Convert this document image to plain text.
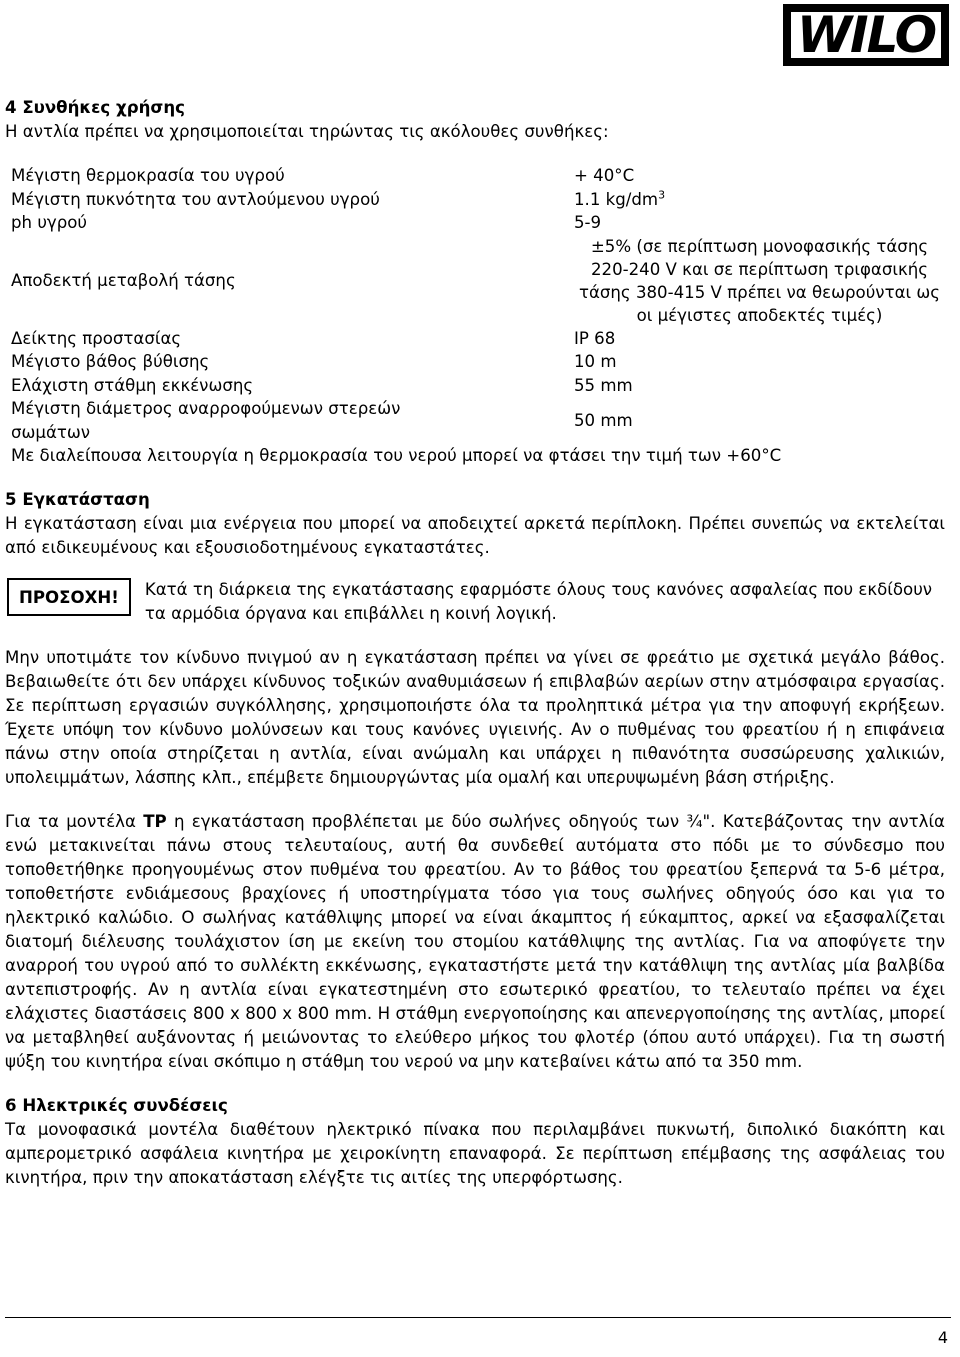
WILO
4 Συνθήκες χρήσης

Η αντλία πρέπει να χρησιμοποιείται τηρώντας τις ακόλουθες συνθήκες:

Μέγιστη θερμοκρασία του υγρού	+ 40°C
Μέγιστη πυκνότητα του αντλούμενου υγρού	1.1 $kg/dm^3$
ph υγρού	5-9
Αποδεκτή μεταβολή τάσης	±5% (σε περίπτωση μονοφασικής τάσης 220-240 V και σε περίπτωση τριφασικής τάσης 380-415 V πρέπει να θεωρούνται ως οι μέγιστες αποδεκτές τιμές)
Δείκτης προστασίας	IP 68
Μέγιστο βάθος βύθισης	10 m
Ελάχιστη στάθμη εκκένωσης	55 mm
Μέγιστη διάμετρος αναρροφούμενων στερεών σωμάτων	50 mm
Με διαλείπουσα λειτουργία η θερμοκρασία του νερού μπορεί να φτάσει την τιμή των +60°C	
5 Εγκατάσταση

Η εγκατάσταση είναι μια ενέργεια που μπορεί να αποδειχτεί αρκετά περίπλοκη. Πρέπει συνεπώς να εκτελείται από ειδικευμένους και εξουσιοδοτημένους εγκαταστάτες.

ΠΡΟΣΟΧΗ!	Κατά τη διάρκεια της εγκατάστασης εφαρμόστε όλους τους κανόνες ασφαλείας που εκδίδουν τα αρμόδια όργανα και επιβάλλει η κοινή λογική.

Μην υποτιμάτε τον κίνδυνο πνιγμού αν η εγκατάσταση πρέπει να γίνει σε φρεάτιο με σχετικά μεγάλο βάθος. Βεβαιωθείτε ότι δεν υπάρχει κίνδυνος τοξικών αναθυμιάσεων ή επιβλαβών αερίων στην ατμόσφαιρα εργασίας. Σε περίπτωση εργασιών συγκόλλησης, χρησιμοποιήστε όλα τα προληπτικά μέτρα για την αποφυγή εκρήξεων. Έχετε υπόψη τον κίνδυνο μολύνσεων και τους κανόνες υγιεινής. Αν ο πυθμένας του φρεατίου ή η επιφάνεια πάνω στην οποία στηρίζεται η αντλία, είναι ανώμαλη και υπάρχει η πιθανότητα συσσώρευσης χαλικιών, υπολειμμάτων, λάσπης κλπ., επέμβετε δημιουργώντας μία ομαλή και υπερυψωμένη βάση στήριξης.

Για τα μοντέλα TP η εγκατάσταση προβλέπεται με δύο σωλήνες οδηγούς των ¾". Κατεβάζοντας την αντλία ενώ μετακινείται πάνω στους τελευταίους, αυτή θα συνδεθεί αυτόματα στο πόδι με το σύνδεσμο που τοποθετήθηκε προηγουμένως στον πυθμένα του φρεατίου. Αν το βάθος του φρεατίου ξεπερνά τα 5-6 μέτρα, τοποθετήστε ενδιάμεσους βραχίονες ή υποστηρίγματα τόσο για τους σωλήνες οδηγούς όσο και για το ηλεκτρικό καλώδιο. Ο σωλήνας κατάθλιψης μπορεί να είναι άκαμπτος ή εύκαμπτος, αρκεί να εξασφαλίζεται διατομή διέλευσης τουλάχιστον ίση με εκείνη του στομίου κατάθλιψης της αντλίας. Για να αποφύγετε την αναρροή του υγρού από το συλλέκτη εκκένωσης, εγκαταστήστε μετά την κατάθλιψη της αντλίας μία βαλβίδα αντεπιστροφής. Αν η αντλία είναι εγκατεστημένη στο εσωτερικό φρεατίου, το τελευταίο πρέπει να έχει ελάχιστες διαστάσεις 800 x 800 x 800 mm. Η στάθμη ενεργοποίησης και απενεργοποίησης της αντλίας, μπορεί να μεταβληθεί αυξάνοντας ή μειώνοντας το ελεύθερο μήκος του φλοτέρ (όπου αυτό υπάρχει). Για τη σωστή ψύξη του κινητήρα είναι σκόπιμο η στάθμη του νερού να μην κατεβαίνει κάτω από τα 350 mm.

6 Ηλεκτρικές συνδέσεις

Τα μονοφασικά μοντέλα διαθέτουν ηλεκτρικό πίνακα που περιλαμβάνει πυκνωτή, διπολικό διακόπτη και αμπερομετρικό ασφάλεια κινητήρα με χειροκίνητη επαναφορά. Σε περίπτωση επέμβασης της ασφάλειας του κινητήρα, πριν την αποκατάσταση ελέγξτε τις αιτίες της υπερφόρτωσης.

4
